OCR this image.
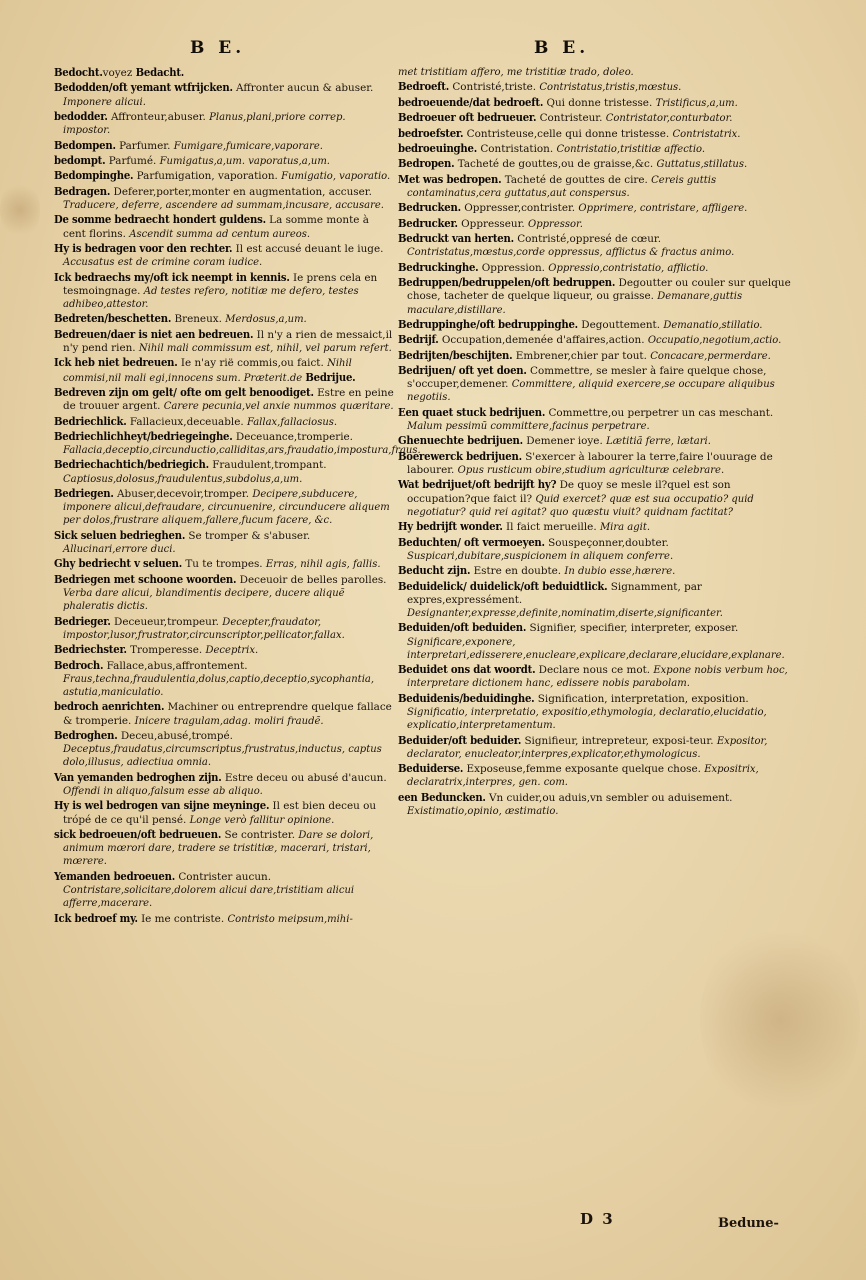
B E.	B E.

Bedocht.voyez Bedacht.

Bedodden/oft yemant wtfrijcken. Affronter aucun & abuser. Imponere alicui.

bedodder. Affronteur,abuser. Planus,plani,priore correp. impostor.

Bedompen. Parfumer. Fumigare,fumicare,vaporare.

bedompt. Parfumé. Fumigatus,a,um. vaporatus,a,um.

Bedompinghe. Parfumigation, vaporation. Fumigatio, vaporatio.

Bedragen. Deferer,porter,monter en augmentation, accuser. Traducere, deferre, ascendere ad summam,incusare, accusare.

De somme bedraecht hondert guldens. La somme monte à cent florins. Ascendit summa ad centum aureos.

Hy is bedragen voor den rechter. Il est accusé deuant le iuge. Accusatus est de crimine coram iudice.

Ick bedraechs my/oft ick neempt in kennis. Ie prens cela en tesmoingnage. Ad testes refero, notitiæ me defero, testes adhibeo,attestor.

Bedreten/beschetten. Breneux. Merdosus,a,um.

Bedreuen/daer is niet aen bedreuen. Il n'y a rien de messaict,il n'y pend rien. Nihil mali commissum est, nihil, vel parum refert.

Ick heb niet bedreuen. Ie n'ay rië commis,ou faict. Nihil commisi,nil mali egi,innocens sum. Præterit.de Bedrijue.

Bedreven zijn om gelt/ ofte om gelt benoodiget. Estre en peine de trouuer argent. Carere pecunia,vel anxie nummos quæritare.

Bedriechlick. Fallacieux,deceuable. Fallax,fallaciosus.

Bedriechlichheyt/bedriegeinghe. Deceuance,tromperie. Fallacia,deceptio,circunductio,calliditas,ars,fraudatio,impostura,fraus.

Bedriechachtich/bedriegich. Fraudulent,trompant. Captiosus,dolosus,fraudulentus,subdolus,a,um.

Bedriegen. Abuser,decevoir,tromper. Decipere,subducere, imponere alicui,defraudare, circunuenire, circunducere aliquem per dolos,frustrare aliquem,fallere,fucum facere, &c.

Sick seluen bedrieghen. Se tromper & s'abuser. Allucinari,errore duci.

Ghy bedriecht v seluen. Tu te trompes. Erras, nihil agis, fallis.

Bedriegen met schoone woorden. Deceuoir de belles parolles. Verba dare alicui, blandimentis decipere, ducere aliquẽ phaleratis dictis.

Bedrieger. Deceueur,trompeur. Decepter,fraudator, impostor,lusor,frustrator,circunscriptor,pellicator,fallax.

Bedriechster. Tromperesse. Deceptrix.

Bedroch. Fallace,abus,affrontement. Fraus,techna,fraudulentia,dolus,captio,deceptio,sycophantia, astutia,maniculatio.

bedroch aenrichten. Machiner ou entreprendre quelque fallace & tromperie. Inicere tragulam,adag. moliri fraudẽ.

Bedroghen. Deceu,abusé,trompé. Deceptus,fraudatus,circumscriptus,frustratus,inductus, captus dolo,illusus, adiectiua omnia.

Van yemanden bedroghen zijn. Estre deceu ou abusé d'aucun. Offendi in aliquo,falsum esse ab aliquo.

Hy is wel bedrogen van sijne meyninge. Il est bien deceu ou trópé de ce qu'il pensé. Longe verò fallitur opinione.

sick bedroeuen/oft bedrueuen. Se contrister. Dare se dolori, animum mœrori dare, tradere se tristitiæ, macerari, tristari, mœrere.

Yemanden bedroeuen. Contrister aucun. Contristare,solicitare,dolorem alicui dare,tristitiam alicui afferre,macerare.

Ick bedroef my. Ie me contriste. Contristo meipsum,mihi-

met tristitiam affero, me tristitiæ trado, doleo.

Bedroeft. Contristé,triste. Contristatus,tristis,mœstus.

bedroeuende/dat bedroeft. Qui donne tristesse. Tristificus,a,um.

Bedroeuer oft bedrueuer. Contristeur. Contristator,conturbator.

bedroefster. Contristeuse,celle qui donne tristesse. Contristatrix.

bedroeuinghe. Contristation. Contristatio,tristitiæ affectio.

Bedropen. Tacheté de gouttes,ou de graisse,&c. Guttatus,stillatus.

Met was bedropen. Tacheté de gouttes de cire. Cereis guttis contaminatus,cera guttatus,aut conspersus.

Bedrucken. Oppresser,contrister. Opprimere, contristare, affligere.

Bedrucker. Oppresseur. Oppressor.

Bedruckt van herten. Contristé,oppresé de cœur. Contristatus,mœstus,corde oppressus, afflictus & fractus animo.

Bedruckinghe. Oppression. Oppressio,contristatio, afflictio.

Bedruppen/bedruppelen/oft bedruppen. Degoutter ou couler sur quelque chose, tacheter de quelque liqueur, ou graisse. Demanare,guttis maculare,distillare.

Bedruppinghe/oft bedruppinghe. Degouttement. Demanatio,stillatio.

Bedrijf. Occupation,demenée d'affaires,action. Occupatio,negotium,actio.

Bedrijten/beschijten. Embrener,chier par tout. Concacare,permerdare.

Bedrijuen/ oft yet doen. Commettre, se mesler à faire quelque chose, s'occuper,demener. Committere, aliquid exercere,se occupare aliquibus negotiis.

Een quaet stuck bedrijuen. Commettre,ou perpetrer un cas meschant. Malum pessimũ committere,facinus perpetrare.

Ghenuechte bedrijuen. Demener ioye. Lætitiã ferre, lætari.

Boerewerck bedrijuen. S'exercer à labourer la terre,faire l'ouurage de labourer. Opus rusticum obire,studium agriculturæ celebrare.

Wat bedrijuet/oft bedrijft hy? De quoy se mesle il?quel est son occupation?que faict il? Quid exercet? quæ est sua occupatio? quid negotiatur? quid rei agitat? quo quæstu viuit? quidnam factitat?

Hy bedrijft wonder. Il faict merueille. Mira agit.

Beduchten/ oft vermoeyen. Souspeçonner,doubter. Suspicari,dubitare,suspicionem in aliquem conferre.

Beducht zijn. Estre en doubte. In dubio esse,hærere.

Beduidelick/ duidelick/oft beduidtlick. Signamment, par expres,expressément. Designanter,expresse,definite,nominatim,diserte,significanter.

Beduiden/oft beduiden. Signifier, specifier, interpreter, exposer. Significare,exponere, interpretari,edisserere,enucleare,explicare,declarare,elucidare,explanare.

Beduidet ons dat woordt. Declare nous ce mot. Expone nobis verbum hoc, interpretare dictionem hanc, edissere nobis parabolam.

Beduidenis/beduidinghe. Signification, interpretation, exposition. Significatio, interpretatio, expositio,ethymologia, declaratio,elucidatio, explicatio,interpretamentum.

Beduider/oft beduider. Signifieur, intrepreteur, exposi-teur. Expositor, declarator, enucleator,interpres,explicator,ethymologicus.

Beduiderse. Exposeuse,femme exposante quelque chose. Expositrix, declaratrix,interpres, gen. com.

een Beduncken. Vn cuider,ou aduis,vn sembler ou aduisement. Existimatio,opinio, æstimatio.

D 3	Bedune-
